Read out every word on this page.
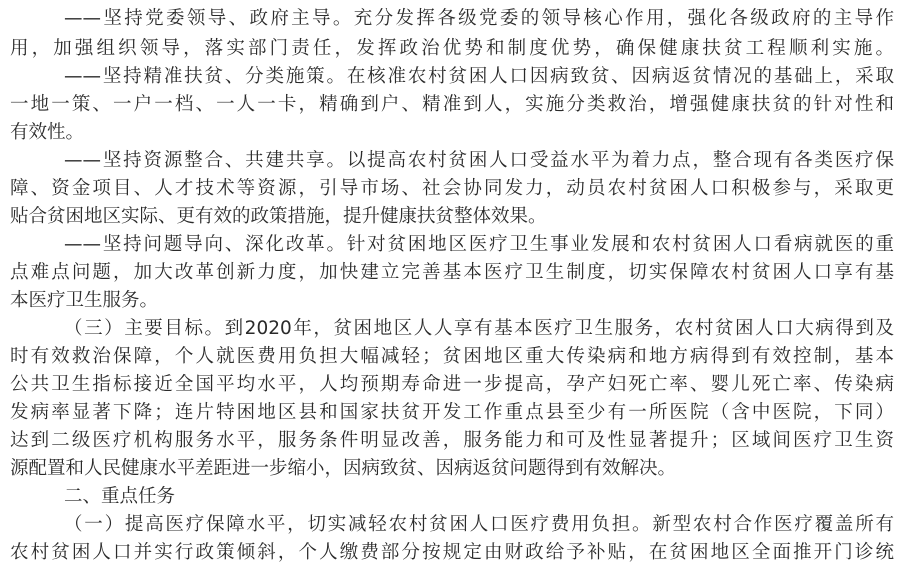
——坚持党委领导、政府主导。充分发挥各级党委的领导核心作用，强化各级政府的主导作
用，加强组织领导，落实部门责任，发挥政治优势和制度优势，确保健康扶贫工程顺利实施。
——坚持精准扶贫、分类施策。在核准农村贫困人口因病致贫、因病返贫情况的基础上，采取
一地一策、一户一档、一人一卡，精确到户、精准到人，实施分类救治，增强健康扶贫的针对性和
有效性。
——坚持资源整合、共建共享。以提高农村贫困人口受益水平为着力点，整合现有各类医疗保
障、资金项目、人才技术等资源，引导市场、社会协同发力，动员农村贫困人口积极参与，采取更
贴合贫困地区实际、更有效的政策措施，提升健康扶贫整体效果。
——坚持问题导向、深化改革。针对贫困地区医疗卫生事业发展和农村贫困人口看病就医的重
点难点问题，加大改革创新力度，加快建立完善基本医疗卫生制度，切实保障农村贫困人口享有基
本医疗卫生服务。
（三）主要目标。到2020年，贫困地区人人享有基本医疗卫生服务，农村贫困人口大病得到及
时有效救治保障，个人就医费用负担大幅减轻；贫困地区重大传染病和地方病得到有效控制，基本
公共卫生指标接近全国平均水平，人均预期寿命进一步提高，孕产妇死亡率、婴儿死亡率、传染病
发病率显著下降；连片特困地区县和国家扶贫开发工作重点县至少有一所医院（含中医院，下同）
达到二级医疗机构服务水平，服务条件明显改善，服务能力和可及性显著提升；区域间医疗卫生资
源配置和人民健康水平差距进一步缩小，因病致贫、因病返贫问题得到有效解决。
二、重点任务
（一）提高医疗保障水平，切实减轻农村贫困人口医疗费用负担。新型农村合作医疗覆盖所有
农村贫困人口并实行政策倾斜，个人缴费部分按规定由财政给予补贴，在贫困地区全面推开门诊统
